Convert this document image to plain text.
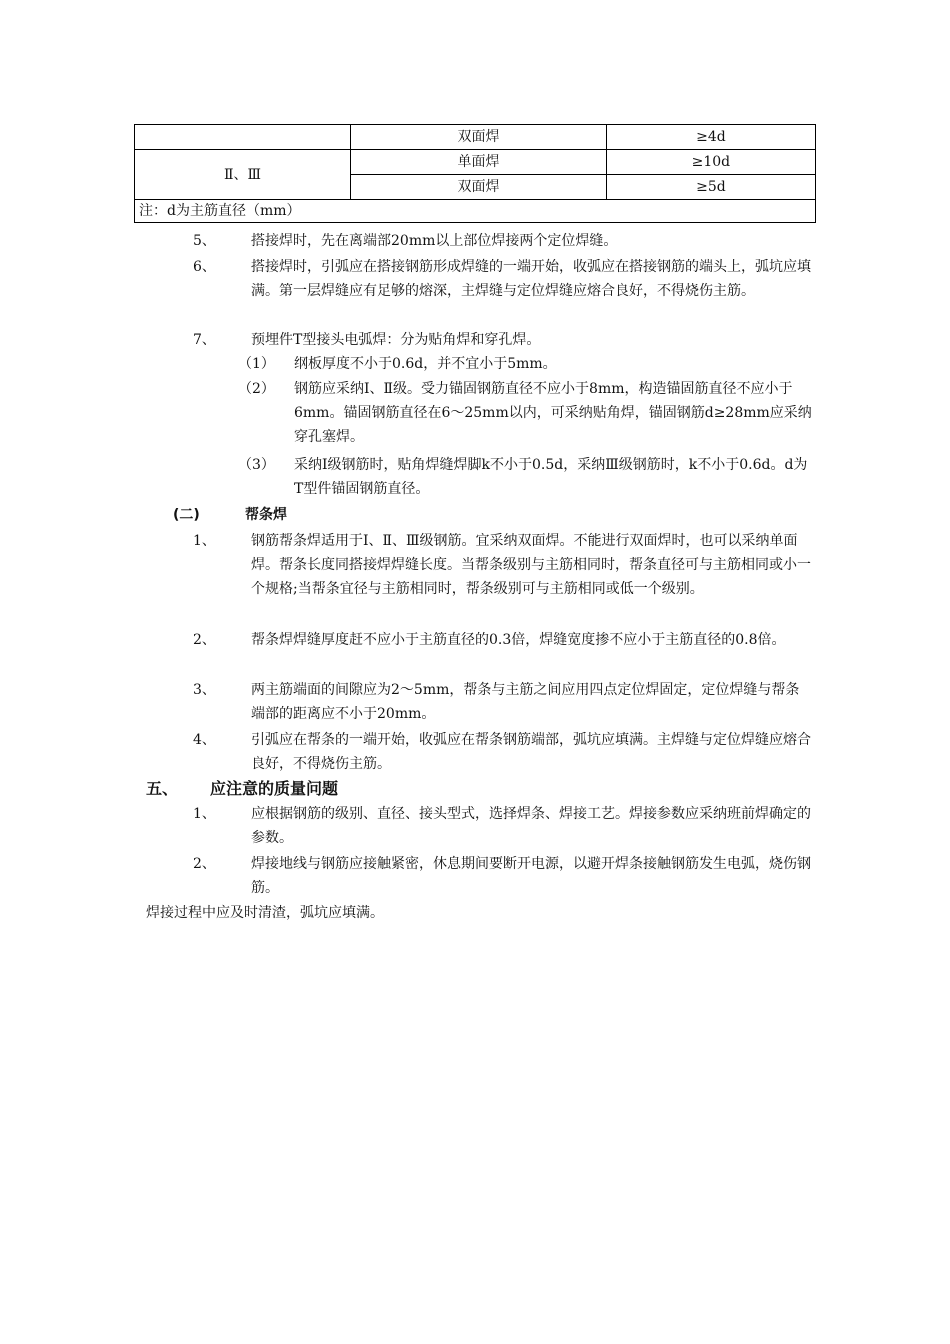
	双面焊	≥4d
Ⅱ、Ⅲ	单面焊	≥10d
	双面焊	≥5d
注：d为主筋直径（mm）		
5、	搭接焊时，先在离端部20mm以上部位焊接两个定位焊缝。
6、	搭接焊时，引弧应在搭接钢筋形成焊缝的一端开始，收弧应在搭接钢筋的端头上，弧坑应填满。第一层焊缝应有足够的熔深，主焊缝与定位焊缝应熔合良好，不得烧伤主筋。
7、	预埋件T型接头电弧焊：分为贴角焊和穿孔焊。
（1） 纲板厚度不小于0.6d，并不宜小于5mm。
（2） 钢筋应采纳Ⅰ、Ⅱ级。受力锚固钢筋直径不应小于8mm，构造锚固筋直径不应小于6mm。锚固钢筋直径在6～25mm以内，可采纳贴角焊，锚固钢筋d≥28mm应采纳穿孔塞焊。
（3） 采纳Ⅰ级钢筋时，贴角焊缝焊脚k不小于0.5d，采纳Ⅲ级钢筋时，k不小于0.6d。d为T型件锚固钢筋直径。
(二)	帮条焊
1、	钢筋帮条焊适用于Ⅰ、Ⅱ、Ⅲ级钢筋。宜采纳双面焊。不能进行双面焊时，也可以采纳单面焊。帮条长度同搭接焊焊缝长度。当帮条级别与主筋相同时，帮条直径可与主筋相同或小一个规格;当帮条宜径与主筋相同时，帮条级别可与主筋相同或低一个级别。
2、	帮条焊焊缝厚度赶不应小于主筋直径的0.3倍，焊缝宽度掺不应小于主筋直径的0.8倍。
3、	两主筋端面的间隙应为2～5mm，帮条与主筋之间应用四点定位焊固定，定位焊缝与帮条端部的距离应不小于20mm。
4、	引弧应在帮条的一端开始，收弧应在帮条钢筋端部，弧坑应填满。主焊缝与定位焊缝应熔合良好，不得烧伤主筋。
五、 应注意的质量问题
1、	应根据钢筋的级别、直径、接头型式，选择焊条、焊接工艺。焊接参数应采纳班前焊确定的参数。
2、	焊接地线与钢筋应接触紧密，休息期间要断开电源，以避开焊条接触钢筋发生电弧，烧伤钢筋。
焊接过程中应及时清渣，弧坑应填满。
